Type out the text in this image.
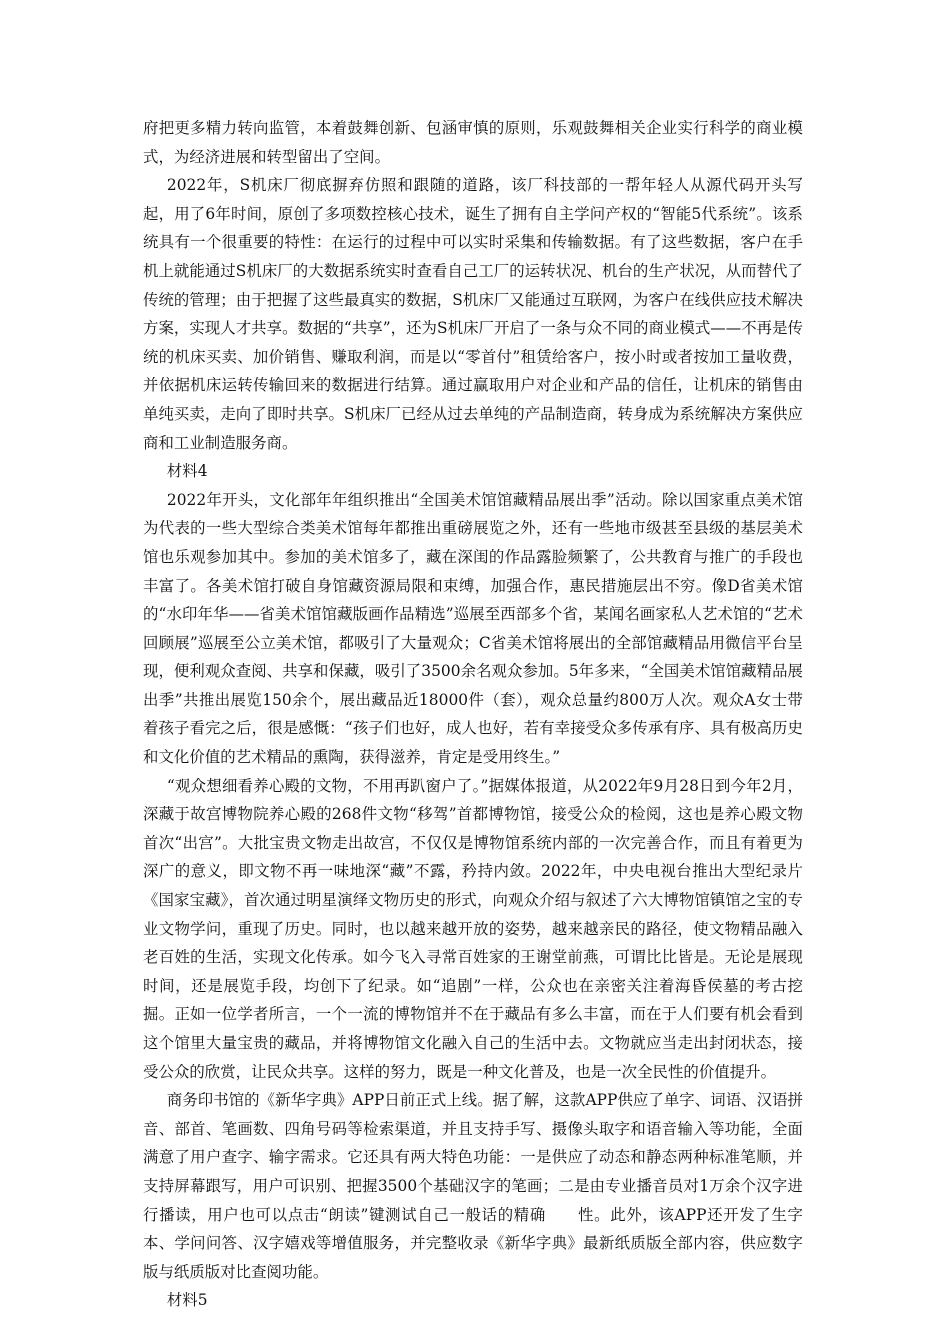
府把更多精力转向监管，本着鼓舞创新、包涵审慎的原则，乐观鼓舞相关企业实行科学的商业模式，为经济进展和转型留出了空间。

2022年，S机床厂彻底摒弃仿照和跟随的道路，该厂科技部的一帮年轻人从源代码开头写起，用了6年时间，原创了多项数控核心技术，诞生了拥有自主学问产权的“智能5代系统”。该系统具有一个很重要的特性：在运行的过程中可以实时采集和传输数据。有了这些数据，客户在手机上就能通过S机床厂的大数据系统实时查看自己工厂的运转状况、机台的生产状况，从而替代了传统的管理；由于把握了这些最真实的数据，S机床厂又能通过互联网，为客户在线供应技术解决方案，实现人才共享。数据的“共享”，还为S机床厂开启了一条与众不同的商业模式——不再是传统的机床买卖、加价销售、赚取利润，而是以“零首付”租赁给客户，按小时或者按加工量收费，并依据机床运转传输回来的数据进行结算。通过赢取用户对企业和产品的信任，让机床的销售由单纯买卖，走向了即时共享。S机床厂已经从过去单纯的产品制造商，转身成为系统解决方案供应商和工业制造服务商。

材料4

2022年开头，文化部年年组织推出“全国美术馆馆藏精品展出季”活动。除以国家重点美术馆为代表的一些大型综合类美术馆每年都推出重磅展览之外，还有一些地市级甚至县级的基层美术馆也乐观参加其中。参加的美术馆多了，藏在深闺的作品露脸频繁了，公共教育与推广的手段也丰富了。各美术馆打破自身馆藏资源局限和束缚，加强合作，惠民措施层出不穷。像D省美术馆的“水印年华——省美术馆馆藏版画作品精选”巡展至西部多个省，某闻名画家私人艺术馆的“艺术回顾展”巡展至公立美术馆，都吸引了大量观众；C省美术馆将展出的全部馆藏精品用微信平台呈现，便利观众查阅、共享和保藏，吸引了3500余名观众参加。5年多来，“全国美术馆馆藏精品展出季”共推出展览150余个，展出藏品近18000件（套），观众总量约800万人次。观众A女士带着孩子看完之后，很是感慨：“孩子们也好，成人也好，若有幸接受众多传承有序、具有极高历史和文化价值的艺术精品的熏陶，获得滋养，肯定是受用终生。”

“观众想细看养心殿的文物，不用再趴窗户了。”据媒体报道，从2022年9月28日到今年2月，深藏于故宫博物院养心殿的268件文物“移驾”首都博物馆，接受公众的检阅，这也是养心殿文物首次“出宫”。大批宝贵文物走出故宫，不仅仅是博物馆系统内部的一次完善合作，而且有着更为深广的意义，即文物不再一味地深“藏”不露，矜持内敛。2022年，中央电视台推出大型纪录片《国家宝藏》，首次通过明星演绎文物历史的形式，向观众介绍与叙述了六大博物馆镇馆之宝的专业文物学问，重现了历史。同时，也以越来越开放的姿势，越来越亲民的路径，使文物精品融入老百姓的生活，实现文化传承。如今飞入寻常百姓家的王谢堂前燕，可谓比比皆是。无论是展现时间，还是展览手段，均创下了纪录。如“追剧”一样，公众也在亲密关注着海昏侯墓的考古挖掘。正如一位学者所言，一个一流的博物馆并不在于藏品有多么丰富，而在于人们要有机会看到这个馆里大量宝贵的藏品，并将博物馆文化融入自己的生活中去。文物就应当走出封闭状态，接受公众的欣赏，让民众共享。这样的努力，既是一种文化普及，也是一次全民性的价值提升。

商务印书馆的《新华字典》APP日前正式上线。据了解，这款APP供应了单字、词语、汉语拼音、部首、笔画数、四角号码等检索渠道，并且支持手写、摄像头取字和语音输入等功能，全面满意了用户查字、输字需求。它还具有两大特色功能：一是供应了动态和静态两种标准笔顺，并支持屏幕跟写，用户可识别、把握3500个基础汉字的笔画；二是由专业播音员对1万余个汉字进行播读，用户也可以点击“朗读”键测试自己一般话的精确　　性。此外，该APP还开发了生字本、学问问答、汉字嬉戏等增值服务，并完整收录《新华字典》最新纸质版全部内容，供应数字版与纸质版对比查阅功能。

材料5
